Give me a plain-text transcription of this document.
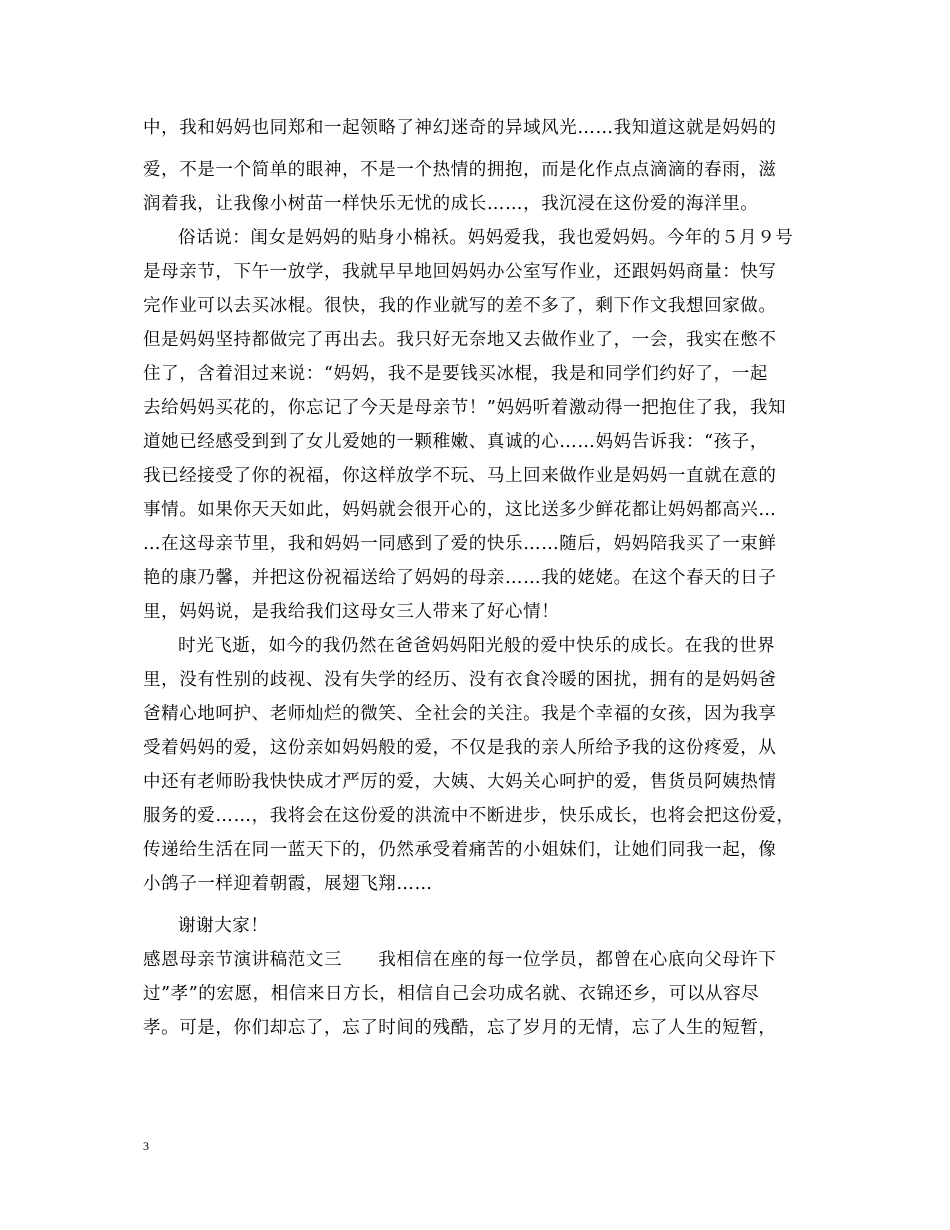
中，我和妈妈也同郑和一起领略了神幻迷奇的异域风光……我知道这就是妈妈的
爱，不是一个简单的眼神，不是一个热情的拥抱，而是化作点点滴滴的春雨，滋
润着我，让我像小树苗一样快乐无忧的成长……，我沉浸在这份爱的海洋里。
俗话说：闺女是妈妈的贴身小棉袄。妈妈爱我，我也爱妈妈。今年的５月９号
是母亲节，下午一放学，我就早早地回妈妈办公室写作业，还跟妈妈商量：快写
完作业可以去买冰棍。很快，我的作业就写的差不多了，剩下作文我想回家做。
但是妈妈坚持都做完了再出去。我只好无奈地又去做作业了，一会，我实在憋不
住了，含着泪过来说：“妈妈，我不是要钱买冰棍，我是和同学们约好了，一起
去给妈妈买花的，你忘记了今天是母亲节！”妈妈听着激动得一把抱住了我，我知
道她已经感受到到了女儿爱她的一颗稚嫩、真诚的心……妈妈告诉我：“孩子，
我已经接受了你的祝福，你这样放学不玩、马上回来做作业是妈妈一直就在意的
事情。如果你天天如此，妈妈就会很开心的，这比送多少鲜花都让妈妈都高兴…
…在这母亲节里，我和妈妈一同感到了爱的快乐……随后，妈妈陪我买了一束鲜
艳的康乃馨，并把这份祝福送给了妈妈的母亲……我的姥姥。在这个春天的日子
里，妈妈说，是我给我们这母女三人带来了好心情！
时光飞逝，如今的我仍然在爸爸妈妈阳光般的爱中快乐的成长。在我的世界
里，没有性别的歧视、没有失学的经历、没有衣食冷暖的困扰，拥有的是妈妈爸
爸精心地呵护、老师灿烂的微笑、全社会的关注。我是个幸福的女孩，因为我享
受着妈妈的爱，这份亲如妈妈般的爱，不仅是我的亲人所给予我的这份疼爱，从
中还有老师盼我快快成才严厉的爱，大姨、大妈关心呵护的爱，售货员阿姨热情
服务的爱……，我将会在这份爱的洪流中不断进步，快乐成长，也将会把这份爱，
传递给生活在同一蓝天下的，仍然承受着痛苦的小姐妹们，让她们同我一起，像
小鸽子一样迎着朝霞，展翅飞翔……
谢谢大家！
感恩母亲节演讲稿范文三　　我相信在座的每一位学员，都曾在心底向父母许下
过”孝”的宏愿，相信来日方长，相信自己会功成名就、衣锦还乡，可以从容尽
孝。可是，你们却忘了，忘了时间的残酷，忘了岁月的无情，忘了人生的短暂，
3
